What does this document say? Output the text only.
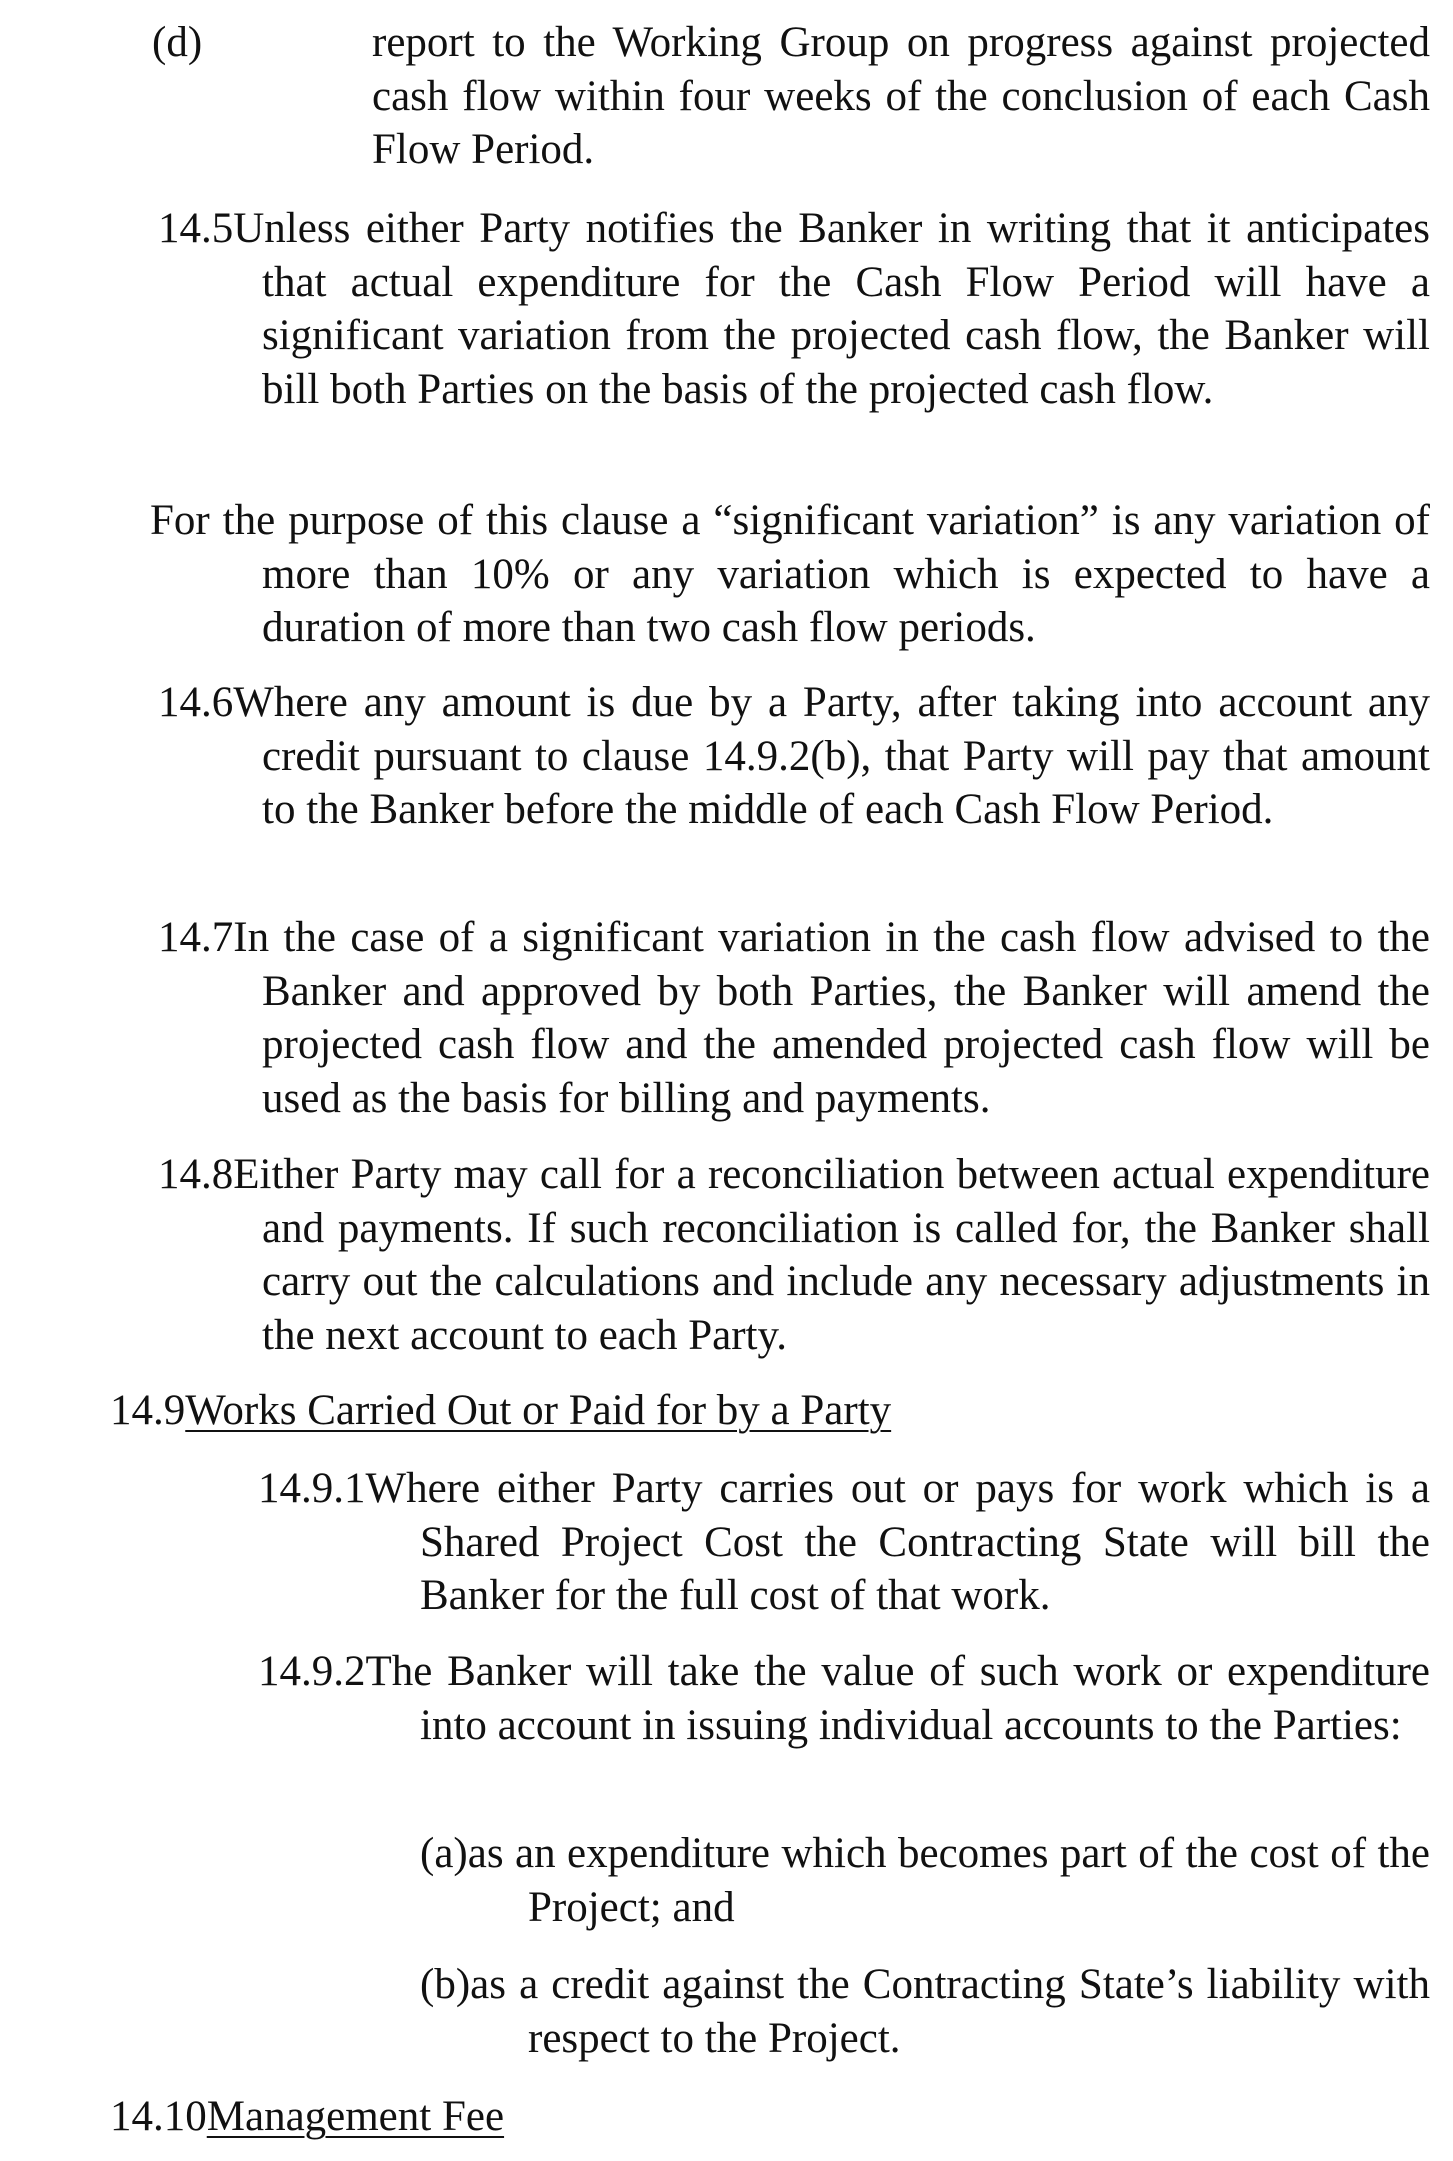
(d)	report to the Working Group on progress against projected cash flow within four weeks of the conclusion of each Cash Flow Period.

14.5Unless either Party notifies the Banker in writing that it anticipates that actual expenditure for the Cash Flow Period will have a significant variation from the projected cash flow, the Banker will bill both Parties on the basis of the projected cash flow.

For the purpose of this clause a “significant variation” is any variation of more than 10% or any variation which is expected to have a duration of more than two cash flow periods.

14.6Where any amount is due by a Party, after taking into account any credit pursuant to clause 14.9.2(b), that Party will pay that amount to the Banker before the middle of each Cash Flow Period.

14.7In the case of a significant variation in the cash flow advised to the Banker and approved by both Parties, the Banker will amend the projected cash flow and the amended projected cash flow will be used as the basis for billing and payments.

14.8Either Party may call for a reconciliation between actual expenditure and payments. If such reconciliation is called for, the Banker shall carry out the calculations and include any necessary adjustments in the next account to each Party.

14.9Works Carried Out or Paid for by a Party

14.9.1Where either Party carries out or pays for work which is a Shared Project Cost the Contracting State will bill the Banker for the full cost of that work.

14.9.2The Banker will take the value of such work or expenditure into account in issuing individual accounts to the Parties:

(a)as an expenditure which becomes part of the cost of the Project; and

(b)as a credit against the Contracting State’s liability with respect to the Project.

14.10Management Fee
